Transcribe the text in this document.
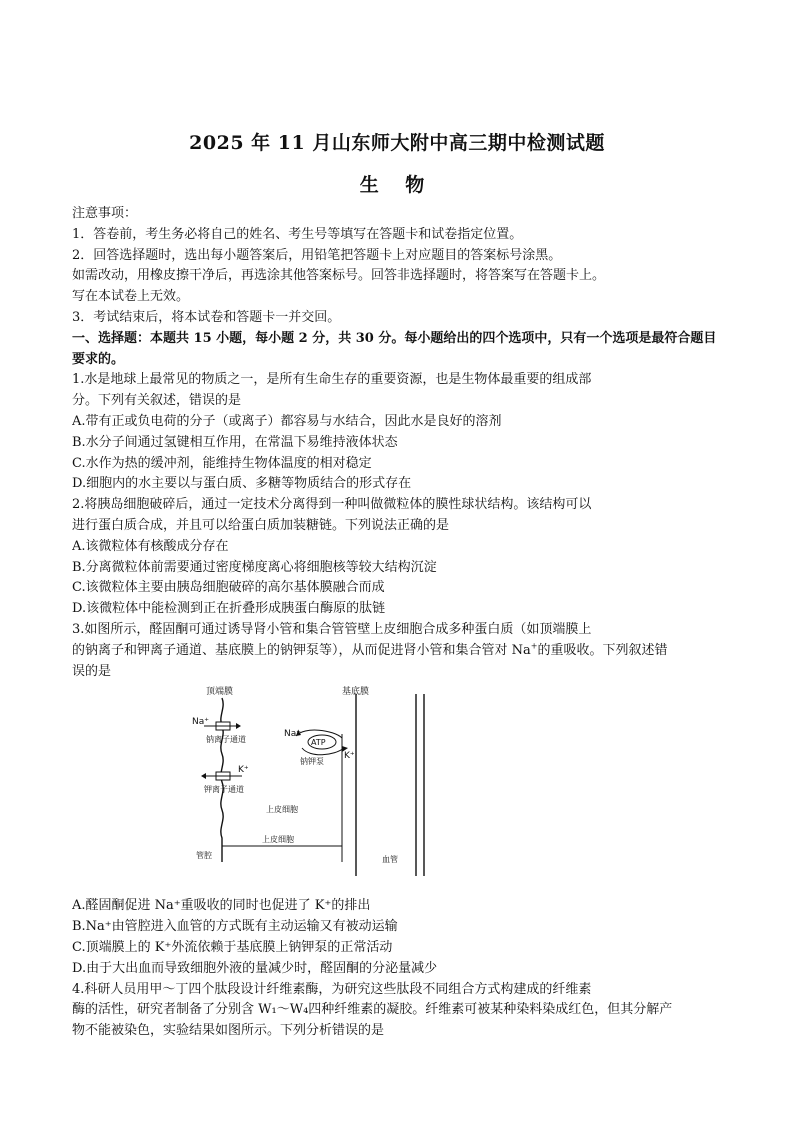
2025 年 11 月山东师大附中高三期中检测试题
生 物
注意事项：
1．答卷前，考生务必将自己的姓名、考生号等填写在答题卡和试卷指定位置。
2．回答选择题时，选出每小题答案后，用铅笔把答题卡上对应题目的答案标号涂黑。
如需改动，用橡皮擦干净后，再选涂其他答案标号。回答非选择题时，将答案写在答题卡上。
写在本试卷上无效。
3．考试结束后，将本试卷和答题卡一并交回。
一、选择题：本题共 15 小题，每小题 2 分，共 30 分。每小题给出的四个选项中，只有一个选项是最符合题目要求的。
1.水是地球上最常见的物质之一，是所有生命生存的重要资源，也是生物体最重要的组成部
分。下列有关叙述，错误的是
A.带有正或负电荷的分子（或离子）都容易与水结合，因此水是良好的溶剂
B.水分子间通过氢键相互作用，在常温下易维持液体状态
C.水作为热的缓冲剂，能维持生物体温度的相对稳定
D.细胞内的水主要以与蛋白质、多糖等物质结合的形式存在
2.将胰岛细胞破碎后，通过一定技术分离得到一种叫做微粒体的膜性球状结构。该结构可以
进行蛋白质合成，并且可以给蛋白质加装糖链。下列说法正确的是
A.该微粒体有核酸成分存在
B.分离微粒体前需要通过密度梯度离心将细胞核等较大结构沉淀
C.该微粒体主要由胰岛细胞破碎的高尔基体膜融合而成
D.该微粒体中能检测到正在折叠形成胰蛋白酶原的肽链
3.如图所示，醛固酮可通过诱导肾小管和集合管管壁上皮细胞合成多种蛋白质（如顶端膜上
的钠离子和钾离子通道、基底膜上的钠钾泵等），从而促进肾小管和集合管对 Na+的重吸收。下列叙述错
误的是
顶端膜	基底膜
Na⁺
钠离子通道	ATP
Na⁺
K⁺
钠钾泵
K⁺
钾离子通道
上皮细胞
上皮细胞
管腔	血管
A.醛固酮促进 Na⁺重吸收的同时也促进了 K⁺的排出
B.Na⁺由管腔进入血管的方式既有主动运输又有被动运输
C.顶端膜上的 K⁺外流依赖于基底膜上钠钾泵的正常活动
D.由于大出血而导致细胞外液的量减少时，醛固酮的分泌量减少
4.科研人员用甲～丁四个肽段设计纤维素酶，为研究这些肽段不同组合方式构建成的纤维素
酶的活性，研究者制备了分别含 W₁～W₄四种纤维素的凝胶。纤维素可被某种染料染成红色，但其分解产
物不能被染色，实验结果如图所示。下列分析错误的是
